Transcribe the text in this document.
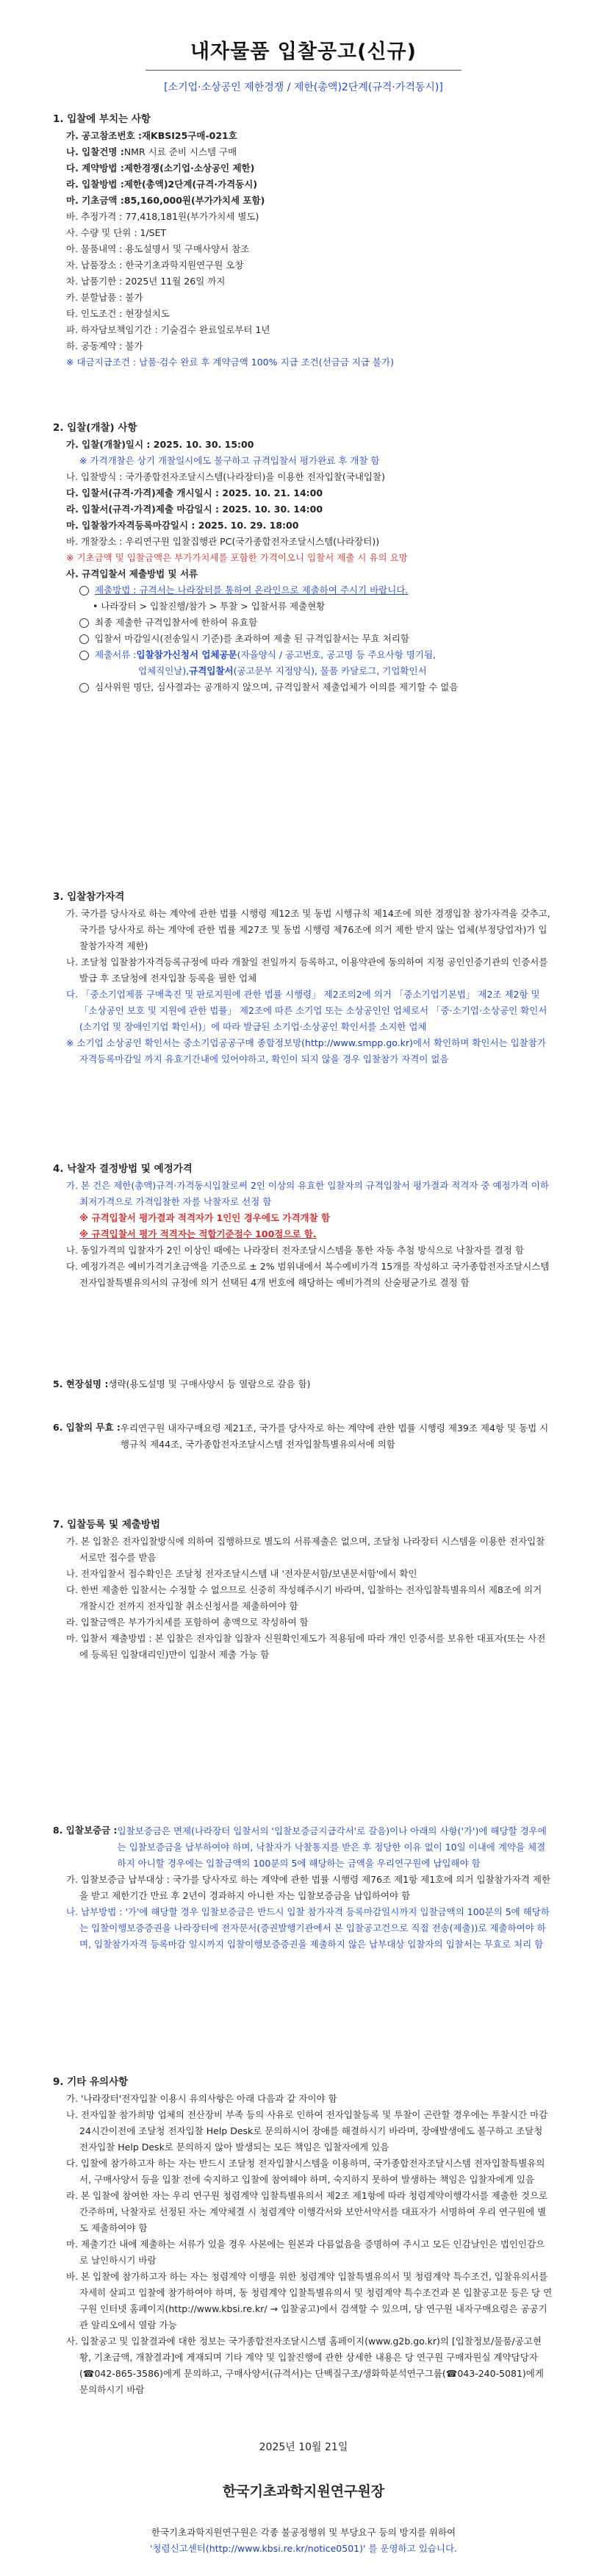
내자물품 입찰공고(신규)
[소기업·소상공인 제한경쟁 / 제한(총액)2단계(규격·가격동시)]
1. 입찰에 부치는 사항
가. 공고참조번호 : 재KBSI25구매-021호
나. 입찰건명 : NMR 시료 준비 시스템 구매
다. 계약방법 : 제한경쟁(소기업·소상공인 제한)
라. 입찰방법 : 제한(총액)2단계(규격·가격동시)
마. 기초금액 : 85,160,000원(부가가치세 포함)
바. 추정가격 : 77,418,181원(부가가치세 별도)
사. 수량 및 단위 : 1/SET
아. 물품내역 : 용도설명서 및 구매사양서 참조
자. 납품장소 : 한국기초과학지원연구원 오창
차. 납품기한 : 2025년 11월 26일 까지
카. 분할납품 : 불가
타. 인도조건 : 현장설치도
파. 하자담보책임기간 : 기술검수 완료일로부터 1년
하. 공동계약 : 불가
※ 대금지급조건 : 납품·검수 완료 후 계약금액 100% 지급 조건(선금금 지급 불가)
2. 입찰(개찰) 사항
가. 입찰(개찰)일시 : 2025. 10. 30. 15:00
※ 가격개찰은 상기 개찰일시에도 불구하고 규격입찰서 평가완료 후 개찰 함
나. 입찰방식 : 국가종합전자조달시스템(나라장터)을 이용한 전자입찰(국내입찰)
다. 입찰서(규격·가격)제출 개시일시 : 2025. 10. 21. 14:00
라. 입찰서(규격·가격)제출 마감일시 : 2025. 10. 30. 14:00
마. 입찰참가자격등록마감일시 : 2025. 10. 29. 18:00
바. 개찰장소 : 우리연구원 입찰집행관 PC(국가종합전자조달시스템(나라장터))
※ 기초금액 및 입찰금액은 부가가치세를 포함한 가격이오니 입찰서 제출 시 유의 요망
사. 규격입찰서 제출방법 및 서류
제출방법 : 규격서는 나라장터를 통하여 온라인으로 제출하여 주시기 바랍니다.
• 나라장터 > 입찰진행/참가 > 투찰 > 입찰서류 제출현황
최종 제출한 규격입찰서에 한하여 유효함
입찰서 마감일시(전송일시 기준)를 초과하여 제출 된 규격입찰서는 무효 처리함
제출서류 : 입찰참가신청서 업체공문 (자율양식 / 공고번호, 공고명 등 주요사항 명기됨,
업체직인날), 규격입찰서 (공고문부 지정양식), 물품 카달로그, 기업확인서
심사위원 명단, 심사결과는 공개하지 않으며, 규격입찰서 제출업체가 이의를 제기할 수 없음
3. 입찰참가자격
가. 국가를 당사자로 하는 계약에 관한 법률 시행령 제12조 및 동법 시행규칙 제14조에 의한 경쟁입찰 참가자격을 갖추고, 국가를 당사자로 하는 계약에 관한 법률 제27조 및 동법 시행령 제76조에 의거 제한 받지 않는 업체(부정당업자)가 입찰참가자격 제한)
나. 조달청 입찰참가자격등록규정에 따라 개찰일 전일까지 등록하고, 이용약관에 동의하여 지정 공인인증기관의 인증서를 발급 후 조달청에 전자입찰 등록을 필한 업체
다. 「중소기업제품 구매촉진 및 판로지원에 관한 법률 시행령」 제2조의2에 의거 「중소기업기본법」 제2조 제2항 및 「소상공인 보호 및 지원에 관한 법률」 제2조에 따른 소기업 또는 소상공인인 업체로서 「중·소기업·소상공인 확인서(소기업 및 장애인기업 확인서)」에 따라 발급된 소기업·소상공인 확인서를 소지한 업체
※ 소기업 소상공인 확인서는 중소기업공공구매 종합정보망(http://www.smpp.go.kr)에서 확인하며 확인서는 입찰참가자격등록마감일 까지 유효기간내에 있어야하고, 확인이 되지 않을 경우 입찰참가 자격이 없음
4. 낙찰자 결정방법 및 예정가격
가. 본 건은 제한(총액)규격·가격동시입찰로써 2인 이상의 유효한 입찰자의 규격입찰서 평가결과 적격자 중 예정가격 이하 최저가격으로 가격입찰한 자를 낙찰자로 선정 함
※ 규격입찰서 평가결과 적격자가 1인인 경우에도 가격개찰 함
※ 규격입찰서 평가 적격자는 적합기준점수 100점으로 함.
나. 동일가격의 입찰자가 2인 이상인 때에는 나라장터 전자조달시스템을 통한 자동 추첨 방식으로 낙찰자를 결정 함
다. 예정가격은 예비가격기초금액을 기준으로 ± 2% 범위내에서 복수예비가격 15개를 작성하고 국가종합전자조달시스템 전자입찰특별유의서의 규정에 의거 선택된 4개 번호에 해당하는 예비가격의 산술평균가로 결정 함
5. 현장설명 : 생략(용도설명 및 구매사양서 등 열람으로 갈음 함)
6. 입찰의 무효 : 우리연구원 내자구매요령 제21조, 국가를 당사자로 하는 계약에 관한 법률 시행령 제39조 제4항 및 동법 시행규칙 제44조, 국가종합전자조달시스템 전자입찰특별유의서에 의함
7. 입찰등록 및 제출방법
가. 본 입찰은 전자입찰방식에 의하여 집행하므로 별도의 서류제출은 없으며, 조달청 나라장터 시스템을 이용한 전자입찰서로만 접수를 받음
나. 전자입찰서 접수확인은 조달청 전자조달시스템 내 '전자문서함/보낸문서함'에서 확인
다. 한번 제출한 입찰서는 수정할 수 없으므로 신중히 작성해주시기 바라며, 입찰하는 전자입찰특별유의서 제8조에 의거 개찰시간 전까지 전자입찰 취소신청서를 제출하여야 함
라. 입찰금액은 부가가치세를 포함하여 총액으로 작성하여 함
마. 입찰서 제출방법 : 본 입찰은 전자입찰 입찰자 신원확인제도가 적용됨에 따라 개인 인증서를 보유한 대표자(또는 사전에 등록된 입찰대리인)만이 입찰서 제출 가능 함
8. 입찰보증금 : 입찰보증금은 면제(나라장터 입찰서의 '입찰보증금지급각서'로 갈음)이나 아래의 사항('가')에 해당할 경우에는 입찰보증금을 납부하여야 하며, 낙찰자가 낙찰통지를 받은 후 정당한 이유 없이 10일 이내에 계약을 체결하지 아니할 경우에는 입찰금액의 100분의 5에 해당하는 금액을 우리연구원에 납입해야 함
가. 입찰보증금 납부대상 : 국가를 당사자로 하는 계약에 관한 법률 시행령 제76조 제1항 제1호에 의거 입찰참가자격 제한을 받고 제한기간 만료 후 2년이 경과하지 아니한 자는 입찰보증금을 납입하여야 함
나. 납부방법 : '가'에 해당할 경우 입찰보증금은 반드시 입찰 참가자격 등록마감일시까지 입찰금액의 100분의 5에 해당하는 입찰이행보증증권을 나라장터에 전자문서(증권발행기관에서 본 입찰공고건으로 직접 전송(제출))로 제출하여야 하며, 입찰참가자격 등록마감 일시까지 입찰이행보증증권을 제출하지 않은 납부대상 입찰자의 입찰서는 무효로 처리 함
9. 기타 유의사항
가. '나라장터'전자입찰 이용시 유의사항은 아래 다음과 같 자이야 함
나. 전자입찰 참가희망 업체의 전산장비 부족 등의 사유로 인하여 전자입찰등록 및 투찰이 곤란할 경우에는 투찰시간 마감 24시간이전에 조달청 전자입찰 Help Desk로 문의하시어 장애를 해결하시기 바라며, 장애발생에도 불구하고 조달청 전자입찰 Help Desk로 문의하지 않아 발생되는 모든 책임은 입찰자에게 있음
다. 입찰에 참가하고자 하는 자는 반드시 조달청 전자입찰시스템을 이용하며, 국가종합전자조달시스템 전자입찰특별유의서, 구매사양서 등을 입찰 전에 숙지하고 입찰에 참여해야 하며, 숙지하지 못하여 발생하는 책임은 입찰자에게 있음
라. 본 입찰에 참여한 자는 우리 연구원 청렴계약 입찰특별유의서 제2조 제1항에 따라 청렴계약이행각서를 제출한 것으로 간주하며, 낙찰자로 선정된 자는 계약체결 시 청렴계약 이행각서와 보안서약서를 대표자가 서명하여 우리 연구원에 별도 제출하여야 함
마. 제출기간 내에 제출하는 서류가 있을 경우 사본에는 원본과 다름없음을 증명하여 주시고 모든 인감날인은 법인인감으로 날인하시기 바람
바. 본 입찰에 참가하고자 하는 자는 청렴계약 이행을 위한 청렴계약 입찰특별유의서 및 청렴계약 특수조건, 입찰유의서를 자세히 살피고 입찰에 참가하여야 하며, 동 청렴계약 입찰특별유의서 및 청렴계약 특수조건과 본 입찰공고문 등은 당 연구원 인터넷 홈페이지(http://www.kbsi.re.kr/ → 입찰공고)에서 검색할 수 있으며, 당 연구원 내자구매요령은 공공기관 알리오에서 열람 가능
사. 입찰공고 및 입찰결과에 대한 정보는 국가종합전자조달시스템 홈페이지(www.g2b.go.kr)의 [입찰정보/물품/공고현황, 기초금액, 개찰결과]에 게재되며 기타 계약 및 입찰진행에 관한 상세한 내용은 당 연구원 구매자원실 계약담당자(☎042-865-3586)에게 문의하고, 구매사양서(규격서)는 단백질구조/생화학분석연구그룹(☎043-240-5081)에게 문의하시기 바람
2025년 10월 21일
한국기초과학지원연구원장
한국기초과학지원연구원은 각종 불공정행위 및 부당요구 등의 방지를 위하여
'청렴신고센터(http://www.kbsi.re.kr/notice0501)' 를 운영하고 있습니다.
